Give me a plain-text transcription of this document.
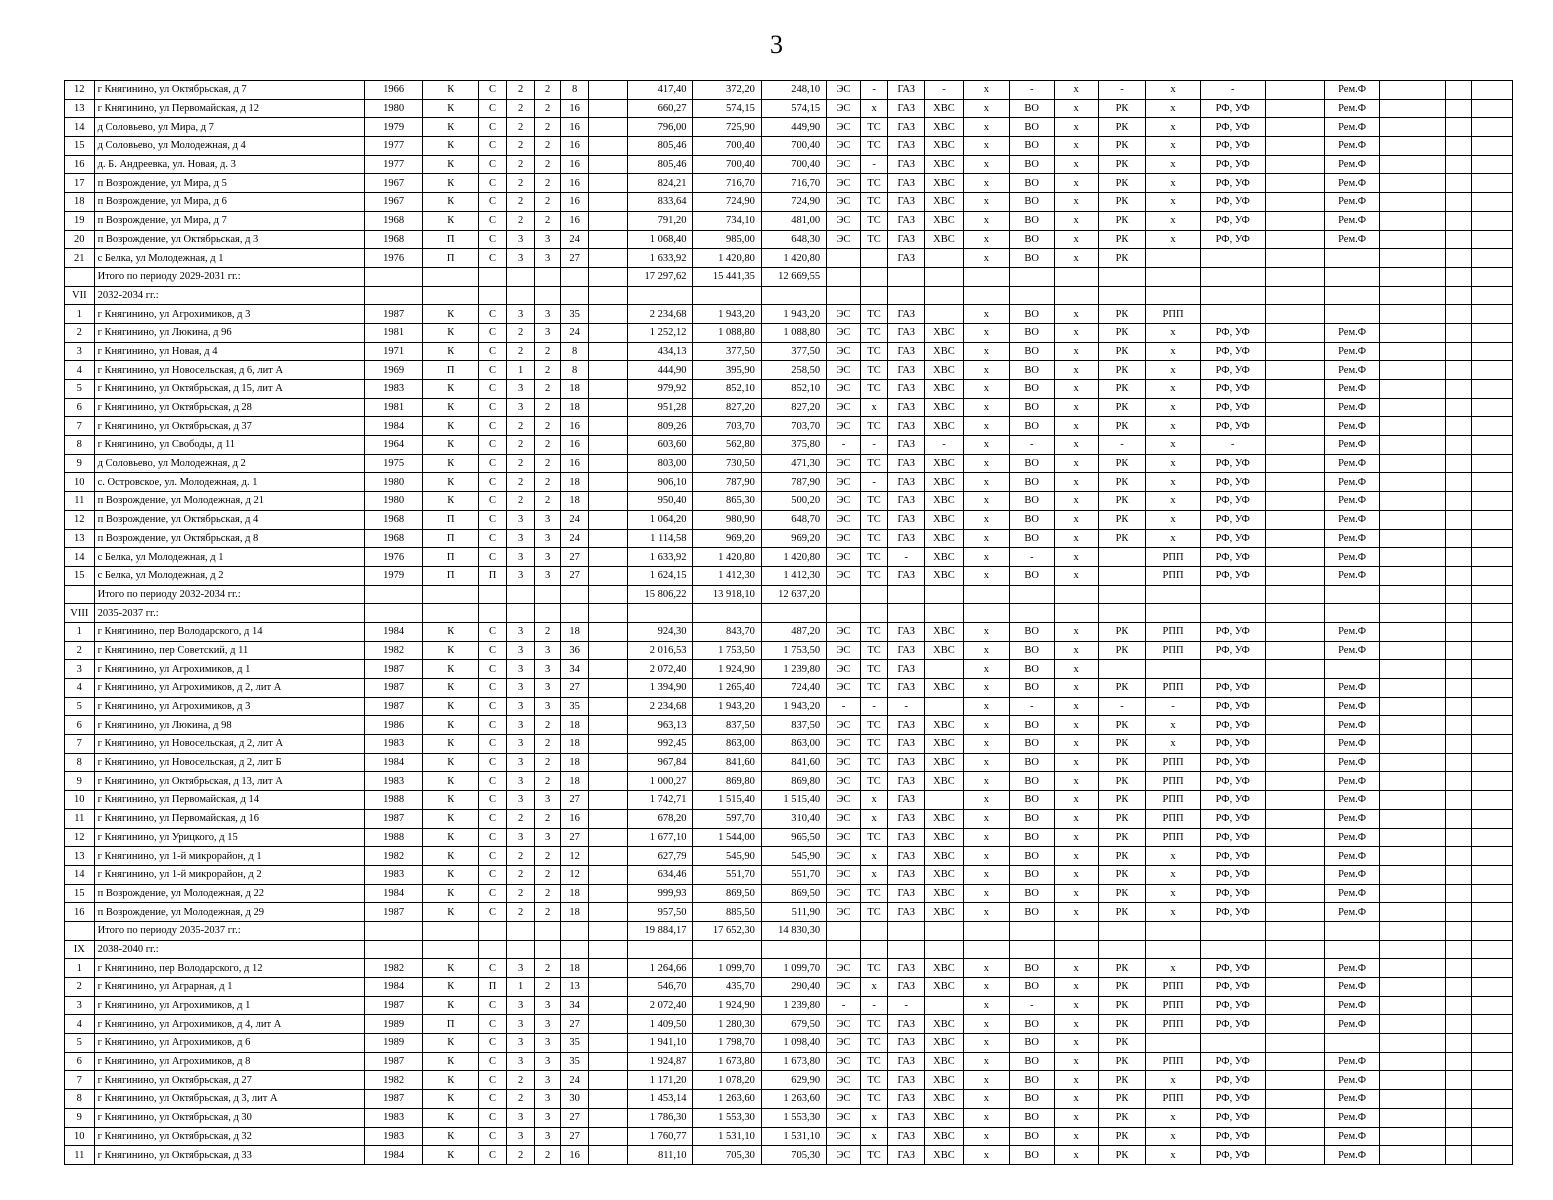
3
12	г Княгинино, ул Октябрьская, д 7	1966	К	С	2	2	8		417,40	372,20	248,10	ЭС	-	ГАЗ	-	х	-	х	-	х	-		Рем.Ф			
13	г Княгинино, ул Первомайская, д 12	1980	К	С	2	2	16		660,27	574,15	574,15	ЭС	х	ГАЗ	ХВС	х	ВО	х	РК	х	РФ, УФ		Рем.Ф			
14	д Соловьево, ул Мира, д 7	1979	К	С	2	2	16		796,00	725,90	449,90	ЭС	ТС	ГАЗ	ХВС	х	ВО	х	РК	х	РФ, УФ		Рем.Ф			
15	д Соловьево, ул Молодежная, д 4	1977	К	С	2	2	16		805,46	700,40	700,40	ЭС	ТС	ГАЗ	ХВС	х	ВО	х	РК	х	РФ, УФ		Рем.Ф			
16	д. Б. Андреевка, ул. Новая, д. 3	1977	К	С	2	2	16		805,46	700,40	700,40	ЭС	-	ГАЗ	ХВС	х	ВО	х	РК	х	РФ, УФ		Рем.Ф			
17	п Возрождение, ул Мира, д 5	1967	К	С	2	2	16		824,21	716,70	716,70	ЭС	ТС	ГАЗ	ХВС	х	ВО	х	РК	х	РФ, УФ		Рем.Ф			
18	п Возрождение, ул Мира, д 6	1967	К	С	2	2	16		833,64	724,90	724,90	ЭС	ТС	ГАЗ	ХВС	х	ВО	х	РК	х	РФ, УФ		Рем.Ф			
19	п Возрождение, ул Мира, д 7	1968	К	С	2	2	16		791,20	734,10	481,00	ЭС	ТС	ГАЗ	ХВС	х	ВО	х	РК	х	РФ, УФ		Рем.Ф			
20	п Возрождение, ул Октябрьская, д 3	1968	П	С	3	3	24		1 068,40	985,00	648,30	ЭС	ТС	ГАЗ	ХВС	х	ВО	х	РК	х	РФ, УФ		Рем.Ф			
21	с Белка, ул Молодежная, д 1	1976	П	С	3	3	27		1 633,92	1 420,80	1 420,80			ГАЗ		х	ВО	х	РК							
	Итого по периоду 2029-2031 гг.:								17 297,62	15 441,35	12 669,55															
VII	2032-2034 гг.:																									
1	г Княгинино, ул Агрохимиков, д 3	1987	К	С	3	3	35		2 234,68	1 943,20	1 943,20	ЭС	ТС	ГАЗ		х	ВО	х	РК	РПП						
2	г Княгинино, ул Люкина, д 96	1981	К	С	2	3	24		1 252,12	1 088,80	1 088,80	ЭС	ТС	ГАЗ	ХВС	х	ВО	х	РК	х	РФ, УФ		Рем.Ф			
3	г Княгинино, ул Новая, д 4	1971	К	С	2	2	8		434,13	377,50	377,50	ЭС	ТС	ГАЗ	ХВС	х	ВО	х	РК	х	РФ, УФ		Рем.Ф			
4	г Княгинино, ул Новосельская, д 6, лит А	1969	П	С	1	2	8		444,90	395,90	258,50	ЭС	ТС	ГАЗ	ХВС	х	ВО	х	РК	х	РФ, УФ		Рем.Ф			
5	г Княгинино, ул Октябрьская, д 15, лит А	1983	К	С	3	2	18		979,92	852,10	852,10	ЭС	ТС	ГАЗ	ХВС	х	ВО	х	РК	х	РФ, УФ		Рем.Ф			
6	г Княгинино, ул Октябрьская, д 28	1981	К	С	3	2	18		951,28	827,20	827,20	ЭС	х	ГАЗ	ХВС	х	ВО	х	РК	х	РФ, УФ		Рем.Ф			
7	г Княгинино, ул Октябрьская, д 37	1984	К	С	2	2	16		809,26	703,70	703,70	ЭС	ТС	ГАЗ	ХВС	х	ВО	х	РК	х	РФ, УФ		Рем.Ф			
8	г Княгинино, ул Свободы, д 11	1964	К	С	2	2	16		603,60	562,80	375,80	-	-	ГАЗ	-	х	-	х	-	х	-		Рем.Ф			
9	д Соловьево, ул Молодежная, д 2	1975	К	С	2	2	16		803,00	730,50	471,30	ЭС	ТС	ГАЗ	ХВС	х	ВО	х	РК	х	РФ, УФ		Рем.Ф			
10	с. Островское, ул. Молодежная, д. 1	1980	К	С	2	2	18		906,10	787,90	787,90	ЭС	-	ГАЗ	ХВС	х	ВО	х	РК	х	РФ, УФ		Рем.Ф			
11	п Возрождение, ул Молодежная, д 21	1980	К	С	2	2	18		950,40	865,30	500,20	ЭС	ТС	ГАЗ	ХВС	х	ВО	х	РК	х	РФ, УФ		Рем.Ф			
12	п Возрождение, ул Октябрьская, д 4	1968	П	С	3	3	24		1 064,20	980,90	648,70	ЭС	ТС	ГАЗ	ХВС	х	ВО	х	РК	х	РФ, УФ		Рем.Ф			
13	п Возрождение, ул Октябрьская, д 8	1968	П	С	3	3	24		1 114,58	969,20	969,20	ЭС	ТС	ГАЗ	ХВС	х	ВО	х	РК	х	РФ, УФ		Рем.Ф			
14	с Белка, ул Молодежная, д 1	1976	П	С	3	3	27		1 633,92	1 420,80	1 420,80	ЭС	ТС	-	ХВС	х	-	х		РПП	РФ, УФ		Рем.Ф			
15	с Белка, ул Молодежная, д 2	1979	П	П	3	3	27		1 624,15	1 412,30	1 412,30	ЭС	ТС	ГАЗ	ХВС	х	ВО	х		РПП	РФ, УФ		Рем.Ф			
	Итого по периоду 2032-2034 гг.:								15 806,22	13 918,10	12 637,20															
VIII	2035-2037 гг.:																									
1	г Княгинино, пер Володарского, д 14	1984	К	С	3	2	18		924,30	843,70	487,20	ЭС	ТС	ГАЗ	ХВС	х	ВО	х	РК	РПП	РФ, УФ		Рем.Ф			
2	г Княгинино, пер Советский, д 11	1982	К	С	3	3	36		2 016,53	1 753,50	1 753,50	ЭС	ТС	ГАЗ	ХВС	х	ВО	х	РК	РПП	РФ, УФ		Рем.Ф			
3	г Княгинино, ул Агрохимиков, д 1	1987	К	С	3	3	34		2 072,40	1 924,90	1 239,80	ЭС	ТС	ГАЗ		х	ВО	х								
4	г Княгинино, ул Агрохимиков, д 2, лит А	1987	К	С	3	3	27		1 394,90	1 265,40	724,40	ЭС	ТС	ГАЗ	ХВС	х	ВО	х	РК	РПП	РФ, УФ		Рем.Ф			
5	г Княгинино, ул Агрохимиков, д 3	1987	К	С	3	3	35		2 234,68	1 943,20	1 943,20	-	-	-		х	-	х	-	-	РФ, УФ		Рем.Ф			
6	г Княгинино, ул Люкина, д 98	1986	К	С	3	2	18		963,13	837,50	837,50	ЭС	ТС	ГАЗ	ХВС	х	ВО	х	РК	х	РФ, УФ		Рем.Ф			
7	г Княгинино, ул Новосельская, д 2, лит А	1983	К	С	3	2	18		992,45	863,00	863,00	ЭС	ТС	ГАЗ	ХВС	х	ВО	х	РК	х	РФ, УФ		Рем.Ф			
8	г Княгинино, ул Новосельская, д 2, лит Б	1984	К	С	3	2	18		967,84	841,60	841,60	ЭС	ТС	ГАЗ	ХВС	х	ВО	х	РК	РПП	РФ, УФ		Рем.Ф			
9	г Княгинино, ул Октябрьская, д 13, лит А	1983	К	С	3	2	18		1 000,27	869,80	869,80	ЭС	ТС	ГАЗ	ХВС	х	ВО	х	РК	РПП	РФ, УФ		Рем.Ф			
10	г Княгинино, ул Первомайская, д 14	1988	К	С	3	3	27		1 742,71	1 515,40	1 515,40	ЭС	х	ГАЗ		х	ВО	х	РК	РПП	РФ, УФ		Рем.Ф			
11	г Княгинино, ул Первомайская, д 16	1987	К	С	2	2	16		678,20	597,70	310,40	ЭС	х	ГАЗ	ХВС	х	ВО	х	РК	РПП	РФ, УФ		Рем.Ф			
12	г Княгинино, ул Урицкого, д 15	1988	К	С	3	3	27		1 677,10	1 544,00	965,50	ЭС	ТС	ГАЗ	ХВС	х	ВО	х	РК	РПП	РФ, УФ		Рем.Ф			
13	г Княгинино, ул 1-й микрорайон, д 1	1982	К	С	2	2	12		627,79	545,90	545,90	ЭС	х	ГАЗ	ХВС	х	ВО	х	РК	х	РФ, УФ		Рем.Ф			
14	г Княгинино, ул 1-й микрорайон, д 2	1983	К	С	2	2	12		634,46	551,70	551,70	ЭС	х	ГАЗ	ХВС	х	ВО	х	РК	х	РФ, УФ		Рем.Ф			
15	п Возрождение, ул Молодежная, д 22	1984	К	С	2	2	18		999,93	869,50	869,50	ЭС	ТС	ГАЗ	ХВС	х	ВО	х	РК	х	РФ, УФ		Рем.Ф			
16	п Возрождение, ул Молодежная, д 29	1987	К	С	2	2	18		957,50	885,50	511,90	ЭС	ТС	ГАЗ	ХВС	х	ВО	х	РК	х	РФ, УФ		Рем.Ф			
	Итого по периоду 2035-2037 гг.:								19 884,17	17 652,30	14 830,30															
IX	2038-2040 гг.:																									
1	г Княгинино, пер Володарского, д 12	1982	К	С	3	2	18		1 264,66	1 099,70	1 099,70	ЭС	ТС	ГАЗ	ХВС	х	ВО	х	РК	х	РФ, УФ		Рем.Ф			
2	г Княгинино, ул Аграрная, д 1	1984	К	П	1	2	13		546,70	435,70	290,40	ЭС	х	ГАЗ	ХВС	х	ВО	х	РК	РПП	РФ, УФ		Рем.Ф			
3	г Княгинино, ул Агрохимиков, д 1	1987	К	С	3	3	34		2 072,40	1 924,90	1 239,80	-	-	-		х	-	х	РК	РПП	РФ, УФ		Рем.Ф			
4	г Княгинино, ул Агрохимиков, д 4, лит А	1989	П	С	3	3	27		1 409,50	1 280,30	679,50	ЭС	ТС	ГАЗ	ХВС	х	ВО	х	РК	РПП	РФ, УФ		Рем.Ф			
5	г Княгинино, ул Агрохимиков, д 6	1989	К	С	3	3	35		1 941,10	1 798,70	1 098,40	ЭС	ТС	ГАЗ	ХВС	х	ВО	х	РК							
6	г Княгинино, ул Агрохимиков, д 8	1987	К	С	3	3	35		1 924,87	1 673,80	1 673,80	ЭС	ТС	ГАЗ	ХВС	х	ВО	х	РК	РПП	РФ, УФ		Рем.Ф			
7	г Княгинино, ул Октябрьская, д 27	1982	К	С	2	3	24		1 171,20	1 078,20	629,90	ЭС	ТС	ГАЗ	ХВС	х	ВО	х	РК	х	РФ, УФ		Рем.Ф			
8	г Княгинино, ул Октябрьская, д 3, лит А	1987	К	С	2	3	30		1 453,14	1 263,60	1 263,60	ЭС	ТС	ГАЗ	ХВС	х	ВО	х	РК	РПП	РФ, УФ		Рем.Ф			
9	г Княгинино, ул Октябрьская, д 30	1983	К	С	3	3	27		1 786,30	1 553,30	1 553,30	ЭС	х	ГАЗ	ХВС	х	ВО	х	РК	х	РФ, УФ		Рем.Ф			
10	г Княгинино, ул Октябрьская, д 32	1983	К	С	3	3	27		1 760,77	1 531,10	1 531,10	ЭС	х	ГАЗ	ХВС	х	ВО	х	РК	х	РФ, УФ		Рем.Ф			
11	г Княгинино, ул Октябрьская, д 33	1984	К	С	2	2	16		811,10	705,30	705,30	ЭС	ТС	ГАЗ	ХВС	х	ВО	х	РК	х	РФ, УФ		Рем.Ф			
